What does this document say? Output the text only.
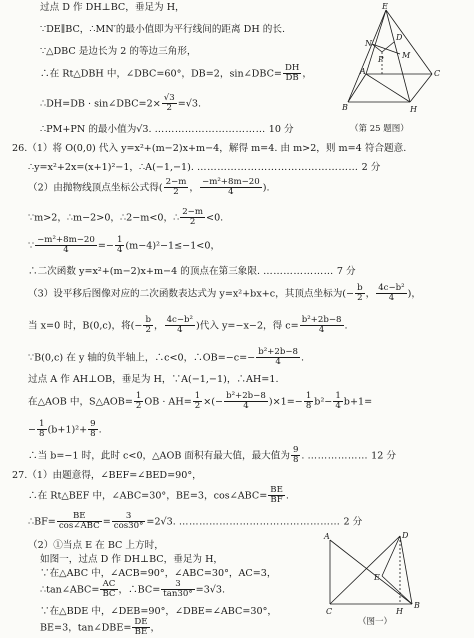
过点 D 作 DH⊥BC，垂足为 H，
∵DE∥BC，∴MN′的最小值即为平行线间的距离 DH 的长.
∵△DBC 是边长为 2 的等边三角形，
∴在 Rt△DBH 中，∠DBC=60°，DB=2，sin∠DBC= $\frac{DH}{DB}$ ，
∴DH=DB · sin∠DBC=2× $\frac{√3}{2} =√3$.
∴PM+PN 的最小值为√3. …………………………… 10 分
E
N
D
M
P
A	C
B	H
（第 25 题图）
26.（1）将 O(0,0) 代入 y=x²+(m−2)x+m−4，解得 m=4. 由 m>2，则 m=4 符合题意.
∴y=x²+2x=(x+1)²−1，∴A(−1,−1). ………………………………………… 2 分
（2）由抛物线顶点坐标公式得( $\frac{2-m}{2}$ ， $\frac{\text{−m²+8m−20}}{4}$ ).
∵m>2，∴m−2>0，∴2−m<0，∴ $\frac{2-m}{2} <0$.
∵ $\frac{\text{−m²+8m−20}}{4} =- \frac{1}{4} (m-4)^2-1\le-1<0$，
∴二次函数 y=x²+(m−2)x+m−4 的顶点在第三象限. ………………… 7 分
（3）设平移后图像对应的二次函数表达式为 y=x²+bx+c，其顶点坐标为(− $\frac{b}{2}$ ， $\frac{\text{4c−b²}}{4}$ )，
当 x=0 时，B(0,c)，将(− $\frac{b}{2}$ ， $\frac{\text{4c−b²}}{4}$ )代入 y=−x−2，得 $c= \frac{\text{b²+2b−8}}{4}$ .
∵B(0,c) 在 y 轴的负半轴上，∴c<0，∴OB=−c=− $\frac{\text{b²+2b−8}}{4}$ .
过点 A 作 AH⊥OB，垂足为 H，∵A(−1,−1)，∴AH=1.
在△AOB 中，S△AOB= $\frac{1}{2}$ OB · $AH= \frac{1}{2}$ ×(− $\frac{\text{b²+2b−8}}{4} )\times 1=- \frac{1}{8} b^2- \frac{1}{4} b+1=$
− $\frac{1}{8} (b+1)^2+ \frac{9}{8}$ .
∴当 b=−1 时，此时 c<0，△AOB 面积有最大值，最大值为 $\frac{9}{8}$ . ……………… 12 分
27.（1）由题意得，∠BEF=∠BED=90°，
∴在 Rt△BEF 中，∠ABC=30°，BE=3，cos∠ABC= $\frac{BE}{BF}$ .
∴BF= $\frac{BE}{\text{cos∠ABC}} = \frac{3}{\cos 30^\circ} =2√3$. ………………………………………… 2 分
（2）①当点 E 在 BC 上方时，
如图一，过点 D 作 DH⊥BC，垂足为 H，
∵在△ABC 中，∠ACB=90°，∠ABC=30°，AC=3，
∴tan∠ABC= $\frac{AC}{BC}$ ，∴BC= $\frac{3}{\tan 30^\circ} =3√3$.
∵在△BDE 中，∠DEB=90°，∠DBE=∠ABC=30°，
BE=3，tan∠DBE= $\frac{DE}{BE}$ ，
A	D
E
C	H
B
（图一）
